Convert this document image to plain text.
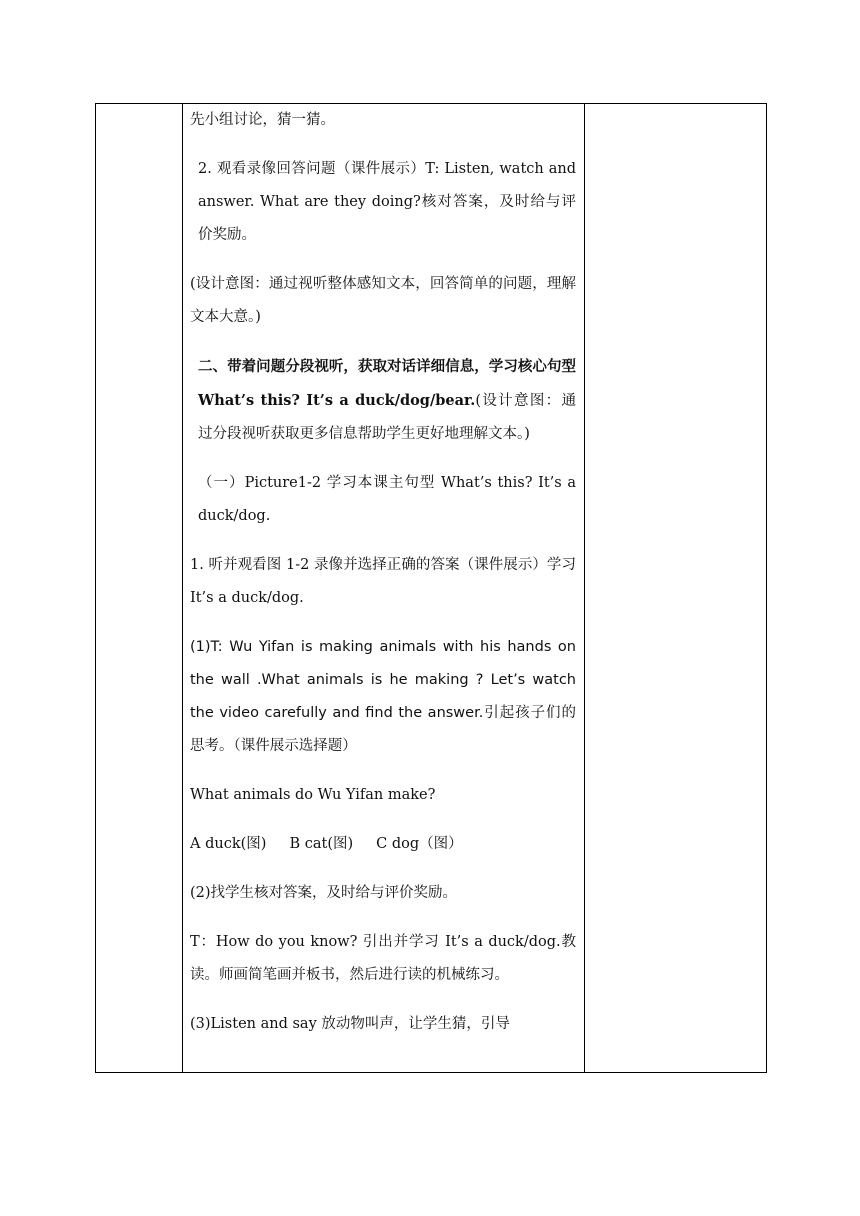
先小组讨论，猜一猜。

2. 观看录像回答问题（课件展示）T: Listen, watch and answer. What are they doing?核对答案，及时给与评价奖励。

(设计意图：通过视听整体感知文本，回答简单的问题，理解文本大意。)

二、带着问题分段视听，获取对话详细信息，学习核心句型 What’s this? It’s a duck/dog/bear.(设计意图：通过分段视听获取更多信息帮助学生更好地理解文本。)

（一）Picture1-2 学习本课主句型 What’s this? It’s a duck/dog.

1. 听并观看图 1-2 录像并选择正确的答案（课件展示）学习 It’s a duck/dog.

(1)T: Wu Yifan is making animals with his hands on the wall .What animals is he making ? Let’s watch the video carefully and find the answer.引起孩子们的思考。（课件展示选择题）

What animals do Wu Yifan make?

A duck(图)     B cat(图)     C dog（图）

(2)找学生核对答案，及时给与评价奖励。

T：How do you know? 引出并学习 It’s a duck/dog.教读。师画简笔画并板书，然后进行读的机械练习。

(3)Listen and say 放动物叫声，让学生猜，引导
